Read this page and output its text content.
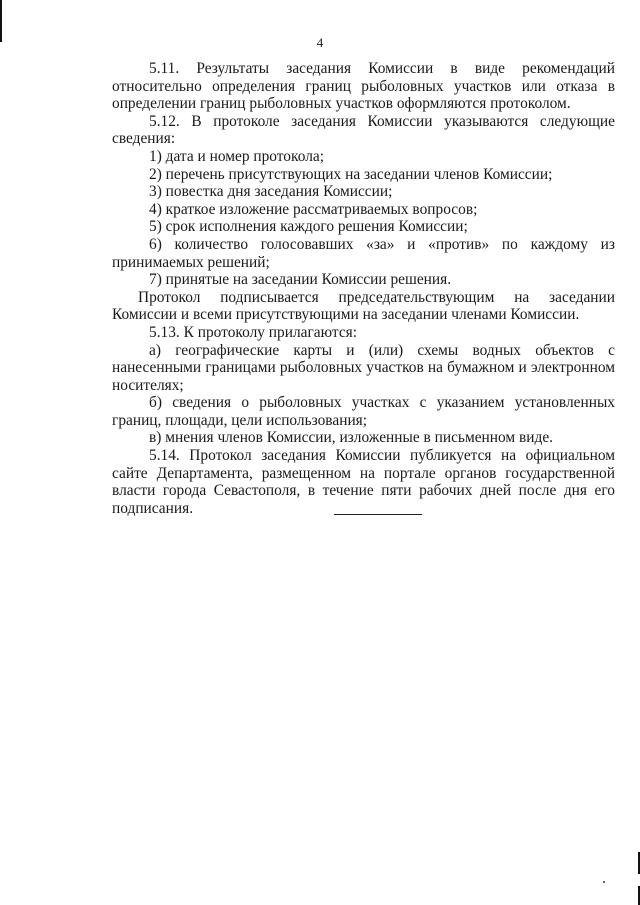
4

5.11. Результаты заседания Комиссии в виде рекомендаций относительно определения границ рыболовных участков или отказа в определении границ рыболовных участков оформляются протоколом.

5.12. В протоколе заседания Комиссии указываются следующие сведения:

1) дата и номер протокола;

2) перечень присутствующих на заседании членов Комиссии;

3) повестка дня заседания Комиссии;

4) краткое изложение рассматриваемых вопросов;

5) срок исполнения каждого решения Комиссии;

6) количество голосовавших «за» и «против» по каждому из принимаемых решений;

7) принятые на заседании Комиссии решения.

Протокол подписывается председательствующим на заседании Комиссии и всеми присутствующими на заседании членами Комиссии.

5.13. К протоколу прилагаются:

а) географические карты и (или) схемы водных объектов с нанесенными границами рыболовных участков на бумажном и электронном носителях;

б) сведения о рыболовных участках с указанием установленных границ, площади, цели использования;

в) мнения членов Комиссии, изложенные в письменном виде.

5.14. Протокол заседания Комиссии публикуется на официальном сайте Департамента, размещенном на портале органов государственной власти города Севастополя, в течение пяти рабочих дней после дня его подписания.
